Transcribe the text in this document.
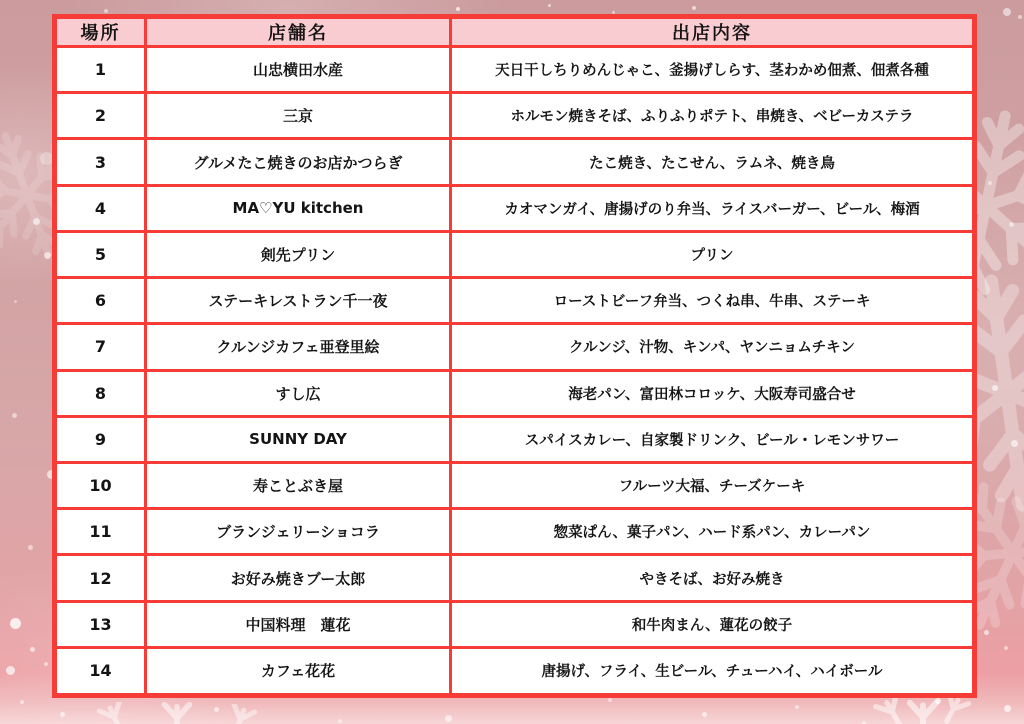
場所	店舗名	出店内容
1	山忠横田水産	天日干しちりめんじゃこ、釜揚げしらす、茎わかめ佃煮、佃煮各種
2	三京	ホルモン焼きそば、ふりふりポテト、串焼き、ベビーカステラ
3	グルメたこ焼きのお店かつらぎ	たこ焼き、たこせん、ラムネ、焼き鳥
4	MA♡YU kitchen	カオマンガイ、唐揚げのり弁当、ライスバーガー、ビール、梅酒
5	剣先プリン	プリン
6	ステーキレストラン千一夜	ローストビーフ弁当、つくね串、牛串、ステーキ
7	クルンジカフェ亜登里絵	クルンジ、汁物、キンパ、ヤンニョムチキン
8	すし広	海老パン、富田林コロッケ、大阪寿司盛合せ
9	SUNNY DAY	スパイスカレー、自家製ドリンク、ビール・レモンサワー
10	寿ことぶき屋	フルーツ大福、チーズケーキ
11	ブランジェリーショコラ	惣菜ぱん、菓子パン、ハード系パン、カレーパン
12	お好み焼きブー太郎	やきそば、お好み焼き
13	中国料理　蓮花	和牛肉まん、蓮花の餃子
14	カフェ花花	唐揚げ、フライ、生ビール、チューハイ、ハイボール
